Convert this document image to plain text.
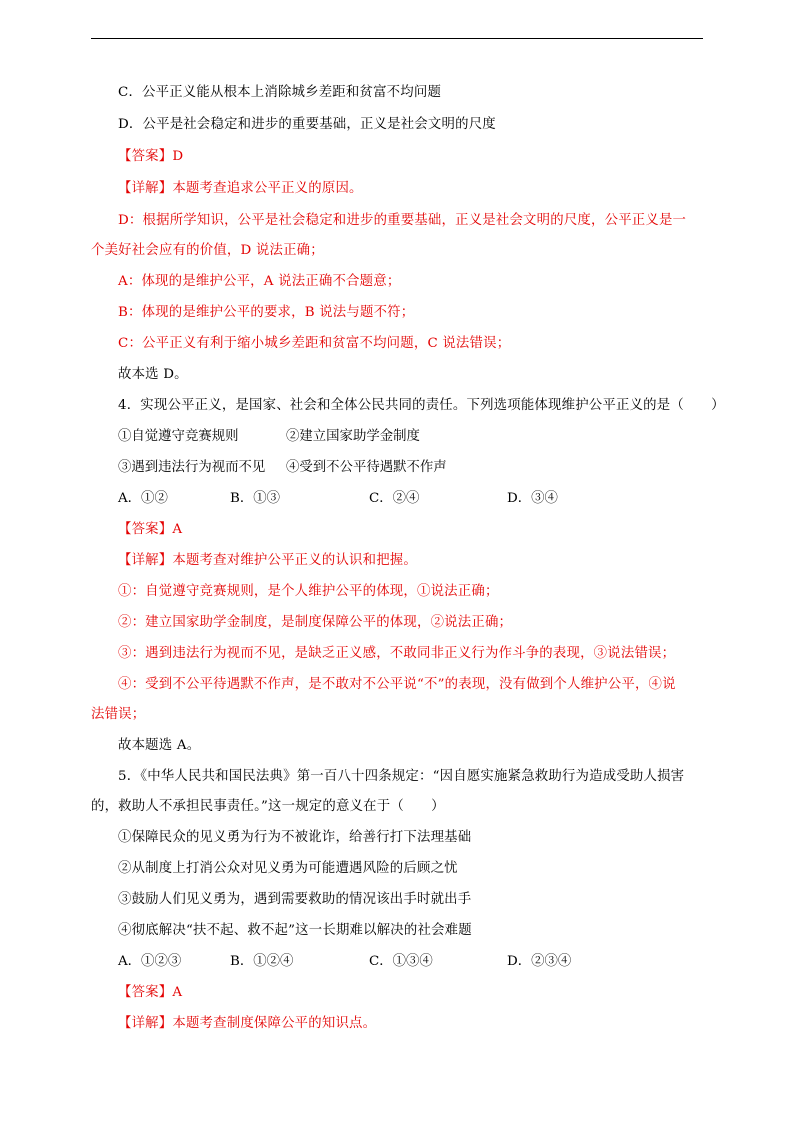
C．公平正义能从根本上消除城乡差距和贫富不均问题
D．公平是社会稳定和进步的重要基础，正义是社会文明的尺度
【答案】D
【详解】本题考查追求公平正义的原因。
D：根据所学知识，公平是社会稳定和进步的重要基础，正义是社会文明的尺度，公平正义是一
个美好社会应有的价值，D 说法正确；
A：体现的是维护公平，A 说法正确不合题意；
B：体现的是维护公平的要求，B 说法与题不符；
C：公平正义有利于缩小城乡差距和贫富不均问题，C 说法错误；
故本选 D。
4．实现公平正义，是国家、社会和全体公民共同的责任。下列选项能体现维护公平正义的是（　　）
①自觉遵守竞赛规则	②建立国家助学金制度
③遇到违法行为视而不见 ④受到不公平待遇默不作声
A．①②	B．①③	C．②④	D．③④
【答案】A
【详解】本题考查对维护公平正义的认识和把握。
①：自觉遵守竞赛规则，是个人维护公平的体现，①说法正确；
②：建立国家助学金制度，是制度保障公平的体现，②说法正确；
③：遇到违法行为视而不见，是缺乏正义感，不敢同非正义行为作斗争的表现，③说法错误；
④：受到不公平待遇默不作声，是不敢对不公平说“不”的表现，没有做到个人维护公平，④说
法错误；
故本题选 A。
5．《中华人民共和国民法典》第一百八十四条规定：“因自愿实施紧急救助行为造成受助人损害
的，救助人不承担民事责任。”这一规定的意义在于（　　）
①保障民众的见义勇为行为不被讹诈，给善行打下法理基础
②从制度上打消公众对见义勇为可能遭遇风险的后顾之忧
③鼓励人们见义勇为，遇到需要救助的情况该出手时就出手
④彻底解决“扶不起、救不起”这一长期难以解决的社会难题
A．①②③	B．①②④	C．①③④	D．②③④
【答案】A
【详解】本题考查制度保障公平的知识点。
